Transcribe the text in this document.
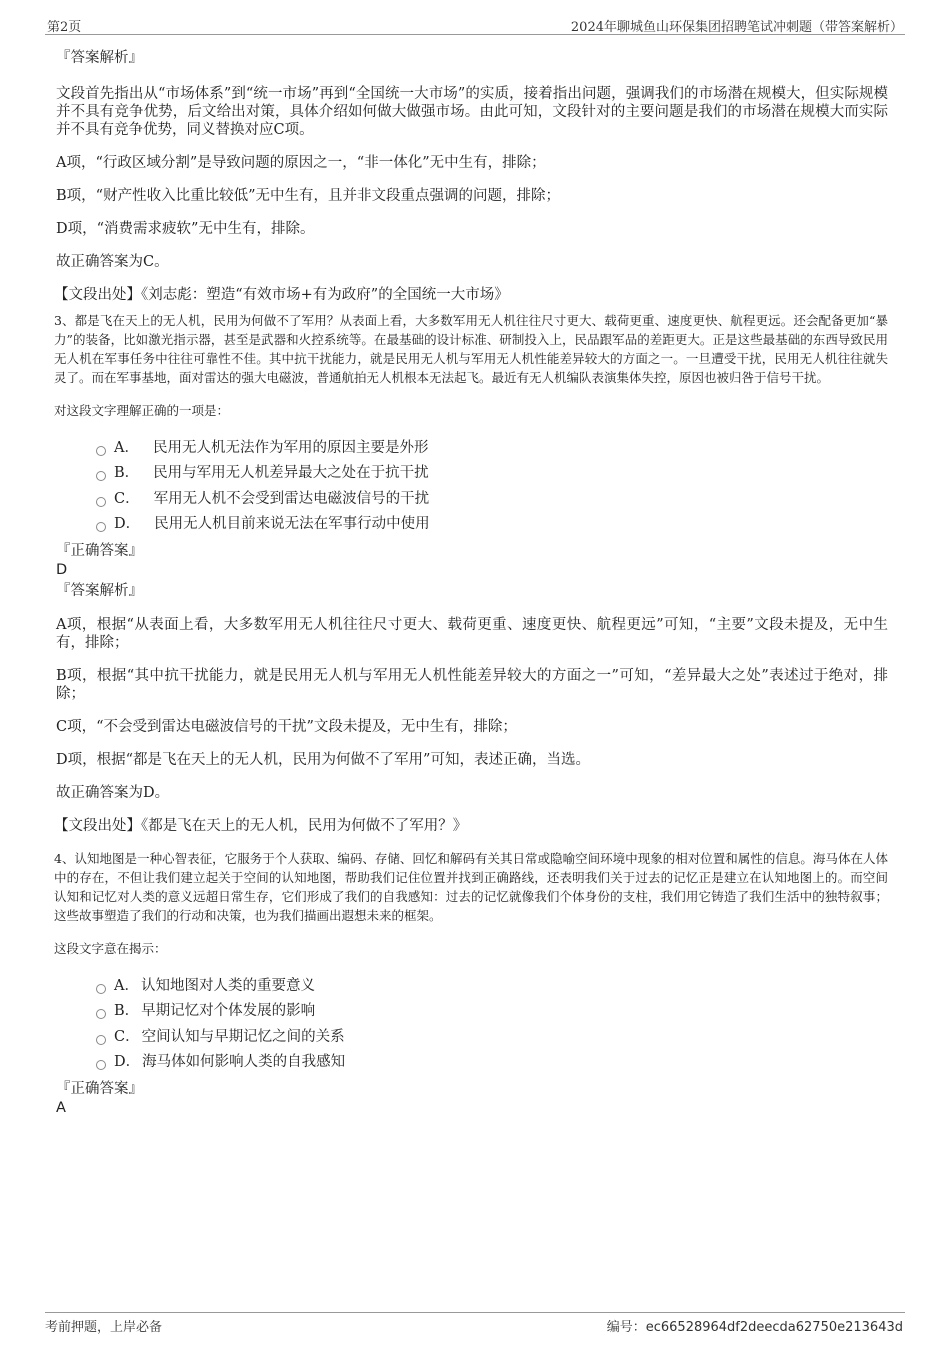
第2页	2024年聊城鱼山环保集团招聘笔试冲刺题（带答案解析）

『答案解析』

文段首先指出从“市场体系”到“统一市场”再到“全国统一大市场”的实质，接着指出问题，强调我们的市场潜在规模大，但实际规模并不具有竞争优势，后文给出对策，具体介绍如何做大做强市场。由此可知，文段针对的主要问题是我们的市场潜在规模大而实际并不具有竞争优势，同义替换对应C项。

A项，“行政区域分割”是导致问题的原因之一，“非一体化”无中生有，排除；

B项，“财产性收入比重比较低”无中生有，且并非文段重点强调的问题，排除；

D项，“消费需求疲软”无中生有，排除。

故正确答案为C。

【文段出处】《刘志彪：塑造“有效市场+有为政府”的全国统一大市场》

3、都是飞在天上的无人机，民用为何做不了军用？从表面上看，大多数军用无人机往往尺寸更大、载荷更重、速度更快、航程更远。还会配备更加“暴力”的装备，比如激光指示器，甚至是武器和火控系统等。在最基础的设计标准、研制投入上，民品跟军品的差距更大。正是这些最基础的东西导致民用无人机在军事任务中往往可靠性不佳。其中抗干扰能力，就是民用无人机与军用无人机性能差异较大的方面之一。一旦遭受干扰，民用无人机往往就失灵了。而在军事基地，面对雷达的强大电磁波，普通航拍无人机根本无法起飞。最近有无人机编队表演集体失控，原因也被归咎于信号干扰。

对这段文字理解正确的一项是：

A． 民用无人机无法作为军用的原因主要是外形
B． 民用与军用无人机差异最大之处在于抗干扰
C． 军用无人机不会受到雷达电磁波信号的干扰
D． 民用无人机目前来说无法在军事行动中使用

『正确答案』

D

『答案解析』

A项，根据“从表面上看，大多数军用无人机往往尺寸更大、载荷更重、速度更快、航程更远”可知，“主要”文段未提及，无中生有，排除；

B项，根据“其中抗干扰能力，就是民用无人机与军用无人机性能差异较大的方面之一”可知，“差异最大之处”表述过于绝对，排除；

C项，“不会受到雷达电磁波信号的干扰”文段未提及，无中生有，排除；

D项，根据“都是飞在天上的无人机，民用为何做不了军用”可知，表述正确，当选。

故正确答案为D。

【文段出处】《都是飞在天上的无人机，民用为何做不了军用？》

4、认知地图是一种心智表征，它服务于个人获取、编码、存储、回忆和解码有关其日常或隐喻空间环境中现象的相对位置和属性的信息。海马体在人体中的存在，不但让我们建立起关于空间的认知地图，帮助我们记住位置并找到正确路线，还表明我们关于过去的记忆正是建立在认知地图上的。而空间认知和记忆对人类的意义远超日常生存，它们形成了我们的自我感知：过去的记忆就像我们个体身份的支柱，我们用它铸造了我们生活中的独特叙事；这些故事塑造了我们的行动和决策，也为我们描画出遐想未来的框架。

这段文字意在揭示：

A． 认知地图对人类的重要意义
B． 早期记忆对个体发展的影响
C． 空间认知与早期记忆之间的关系
D． 海马体如何影响人类的自我感知

『正确答案』

A

考前押题，上岸必备	编号：ec66528964df2deecda62750e213643d
